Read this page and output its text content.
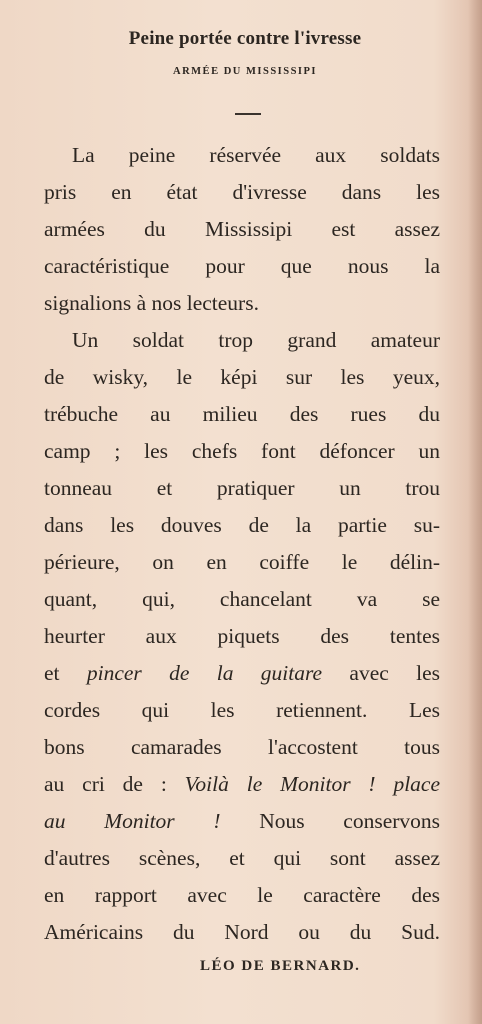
Peine portée contre l'ivresse
ARMÉE DU MISSISSIPI
La peine réservée aux soldats
pris en état d'ivresse dans les
armées du Mississipi est assez
caractéristique pour que nous la
signalions à nos lecteurs.
Un soldat trop grand amateur
de wisky, le képi sur les yeux,
trébuche au milieu des rues du
camp ; les chefs font défoncer un
tonneau et pratiquer un trou
dans les douves de la partie su-
périeure, on en coiffe le délin-
quant, qui, chancelant va se
heurter aux piquets des tentes
et pincer de la guitare avec les
cordes qui les retiennent. Les
bons camarades l'accostent tous
au cri de : Voilà le Monitor ! place
au Monitor ! Nous conservons
d'autres scènes, et qui sont assez
en rapport avec le caractère des
Américains du Nord ou du Sud.
LÉO DE BERNARD.
